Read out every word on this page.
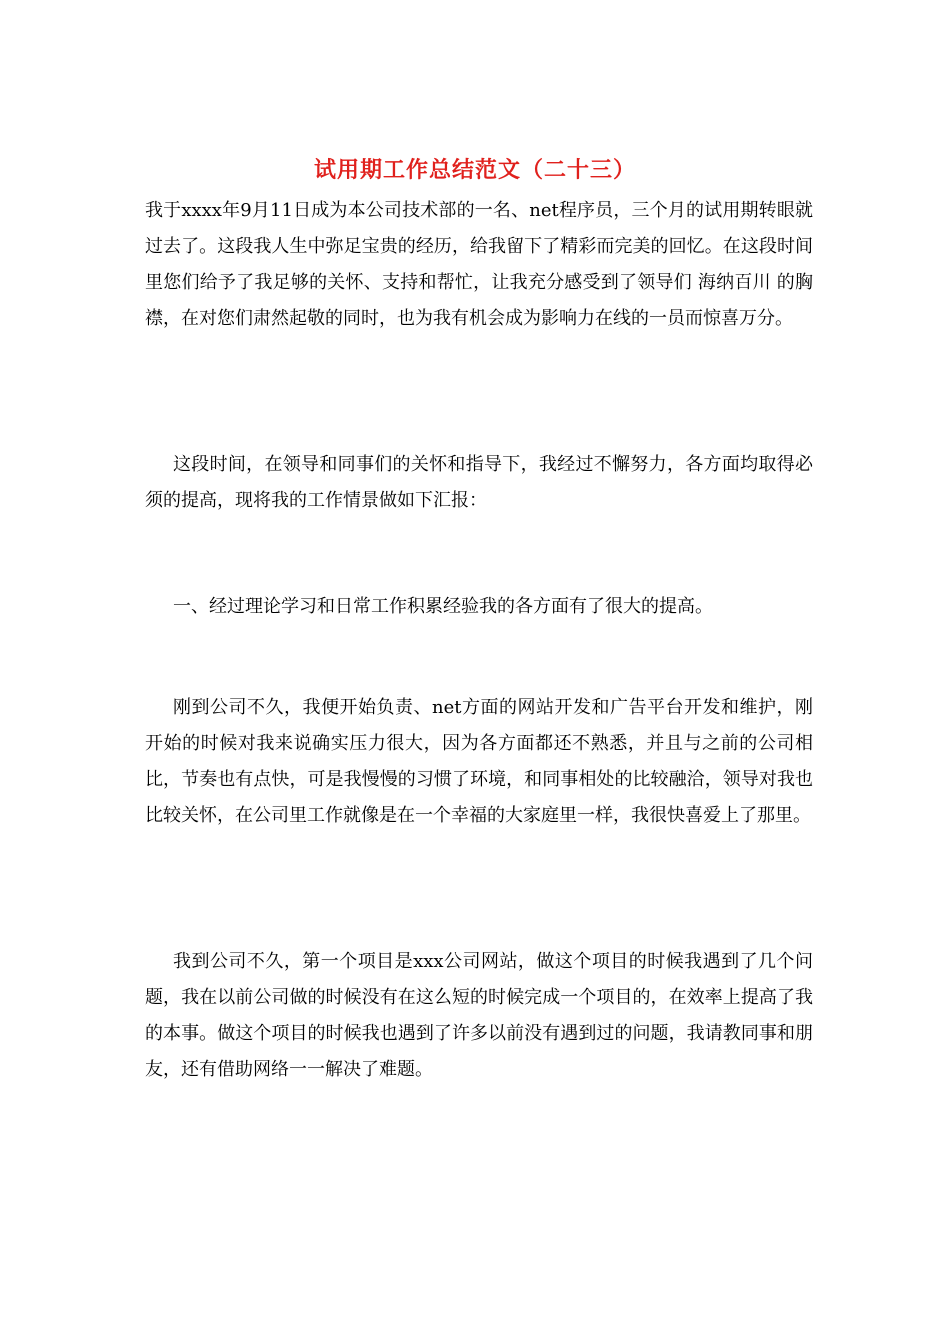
试用期工作总结范文（二十三）

我于xxxx年9月11日成为本公司技术部的一名、net程序员，三个月的试用期转眼就过去了。这段我人生中弥足宝贵的经历，给我留下了精彩而完美的回忆。在这段时间里您们给予了我足够的关怀、支持和帮忙，让我充分感受到了领导们 海纳百川 的胸襟，在对您们肃然起敬的同时，也为我有机会成为影响力在线的一员而惊喜万分。

这段时间，在领导和同事们的关怀和指导下，我经过不懈努力，各方面均取得必须的提高，现将我的工作情景做如下汇报：

一、经过理论学习和日常工作积累经验我的各方面有了很大的提高。

刚到公司不久，我便开始负责、net方面的网站开发和广告平台开发和维护，刚开始的时候对我来说确实压力很大，因为各方面都还不熟悉，并且与之前的公司相比，节奏也有点快，可是我慢慢的习惯了环境，和同事相处的比较融洽，领导对我也比较关怀，在公司里工作就像是在一个幸福的大家庭里一样，我很快喜爱上了那里。

我到公司不久，第一个项目是xxx公司网站，做这个项目的时候我遇到了几个问题，我在以前公司做的时候没有在这么短的时候完成一个项目的，在效率上提高了我的本事。做这个项目的时候我也遇到了许多以前没有遇到过的问题，我请教同事和朋友，还有借助网络一一解决了难题。
